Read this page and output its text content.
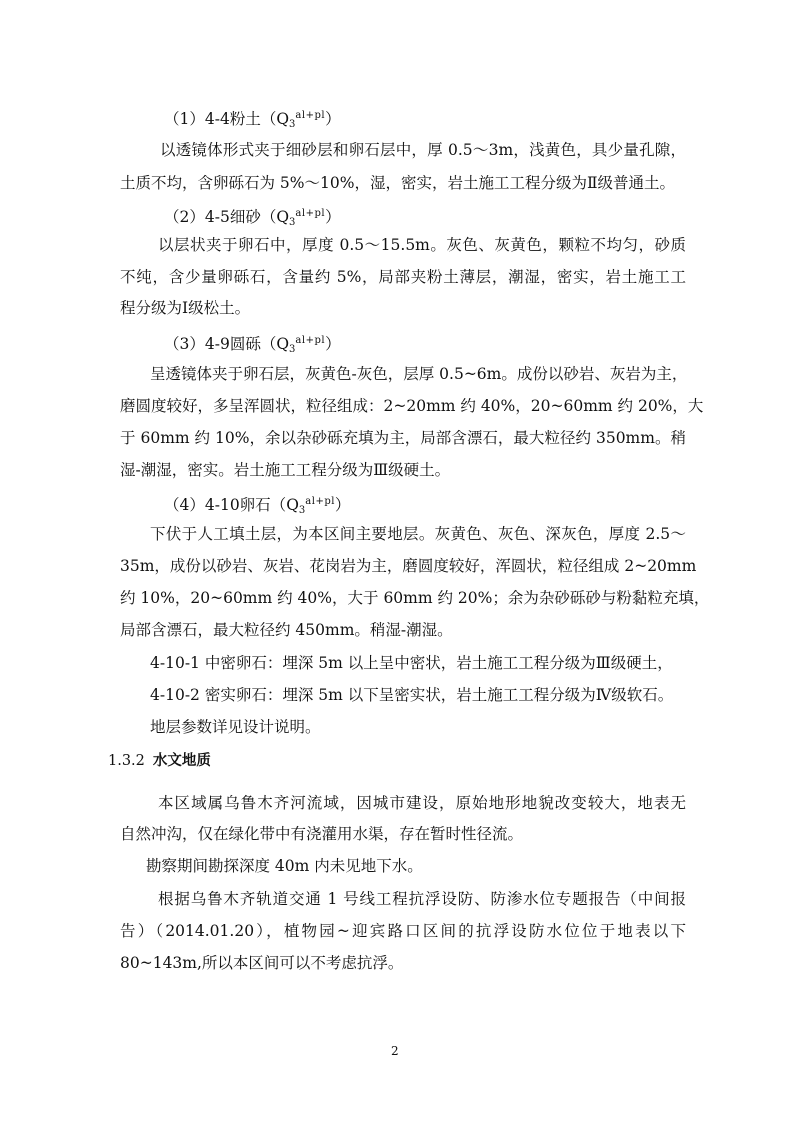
（1）4-4粉土$(Q_3^{al+pl})$
以透镜体形式夹于细砂层和卵石层中，厚 0.5～3m，浅黄色，具少量孔隙，
土质不均，含卵砾石为 5%～10%，湿，密实，岩土施工工程分级为Ⅱ级普通土。
（2）4-5细砂$(Q_3^{al+pl})$
以层状夹于卵石中，厚度 0.5～15.5m。灰色、灰黄色，颗粒不均匀，砂质
不纯，含少量卵砾石，含量约 5%，局部夹粉土薄层，潮湿，密实，岩土施工工
程分级为Ⅰ级松土。
（3）4-9圆砾$(Q_3^{al+pl})$
呈透镜体夹于卵石层，灰黄色-灰色，层厚 0.5~6m。成份以砂岩、灰岩为主，
磨圆度较好，多呈浑圆状，粒径组成：2~20mm 约 40%，20~60mm 约 20%，大
于 60mm 约 10%，余以杂砂砾充填为主，局部含漂石，最大粒径约 350mm。稍
湿-潮湿，密实。岩土施工工程分级为Ⅲ级硬土。
（4）4-10卵石$(Q_3^{al+pl})$
下伏于人工填土层，为本区间主要地层。灰黄色、灰色、深灰色，厚度 2.5～
35m，成份以砂岩、灰岩、花岗岩为主，磨圆度较好，浑圆状，粒径组成 2~20mm
约 10%，20~60mm 约 40%，大于 60mm 约 20%；余为杂砂砾砂与粉黏粒充填，
局部含漂石，最大粒径约 450mm。稍湿-潮湿。
4-10-1 中密卵石：埋深 5m 以上呈中密状，岩土施工工程分级为Ⅲ级硬土，
4-10-2 密实卵石：埋深 5m 以下呈密实状，岩土施工工程分级为Ⅳ级软石。
地层参数详见设计说明。
1.3.2 水文地质
本区域属乌鲁木齐河流域，因城市建设，原始地形地貌改变较大，地表无
自然冲沟，仅在绿化带中有浇灌用水渠，存在暂时性径流。
勘察期间勘探深度 40m 内未见地下水。
根据乌鲁木齐轨道交通 1 号线工程抗浮设防、防渗水位专题报告（中间报
告）（2014.01.20），植物园~迎宾路口区间的抗浮设防水位位于地表以下
80~143m,所以本区间可以不考虑抗浮。
2
